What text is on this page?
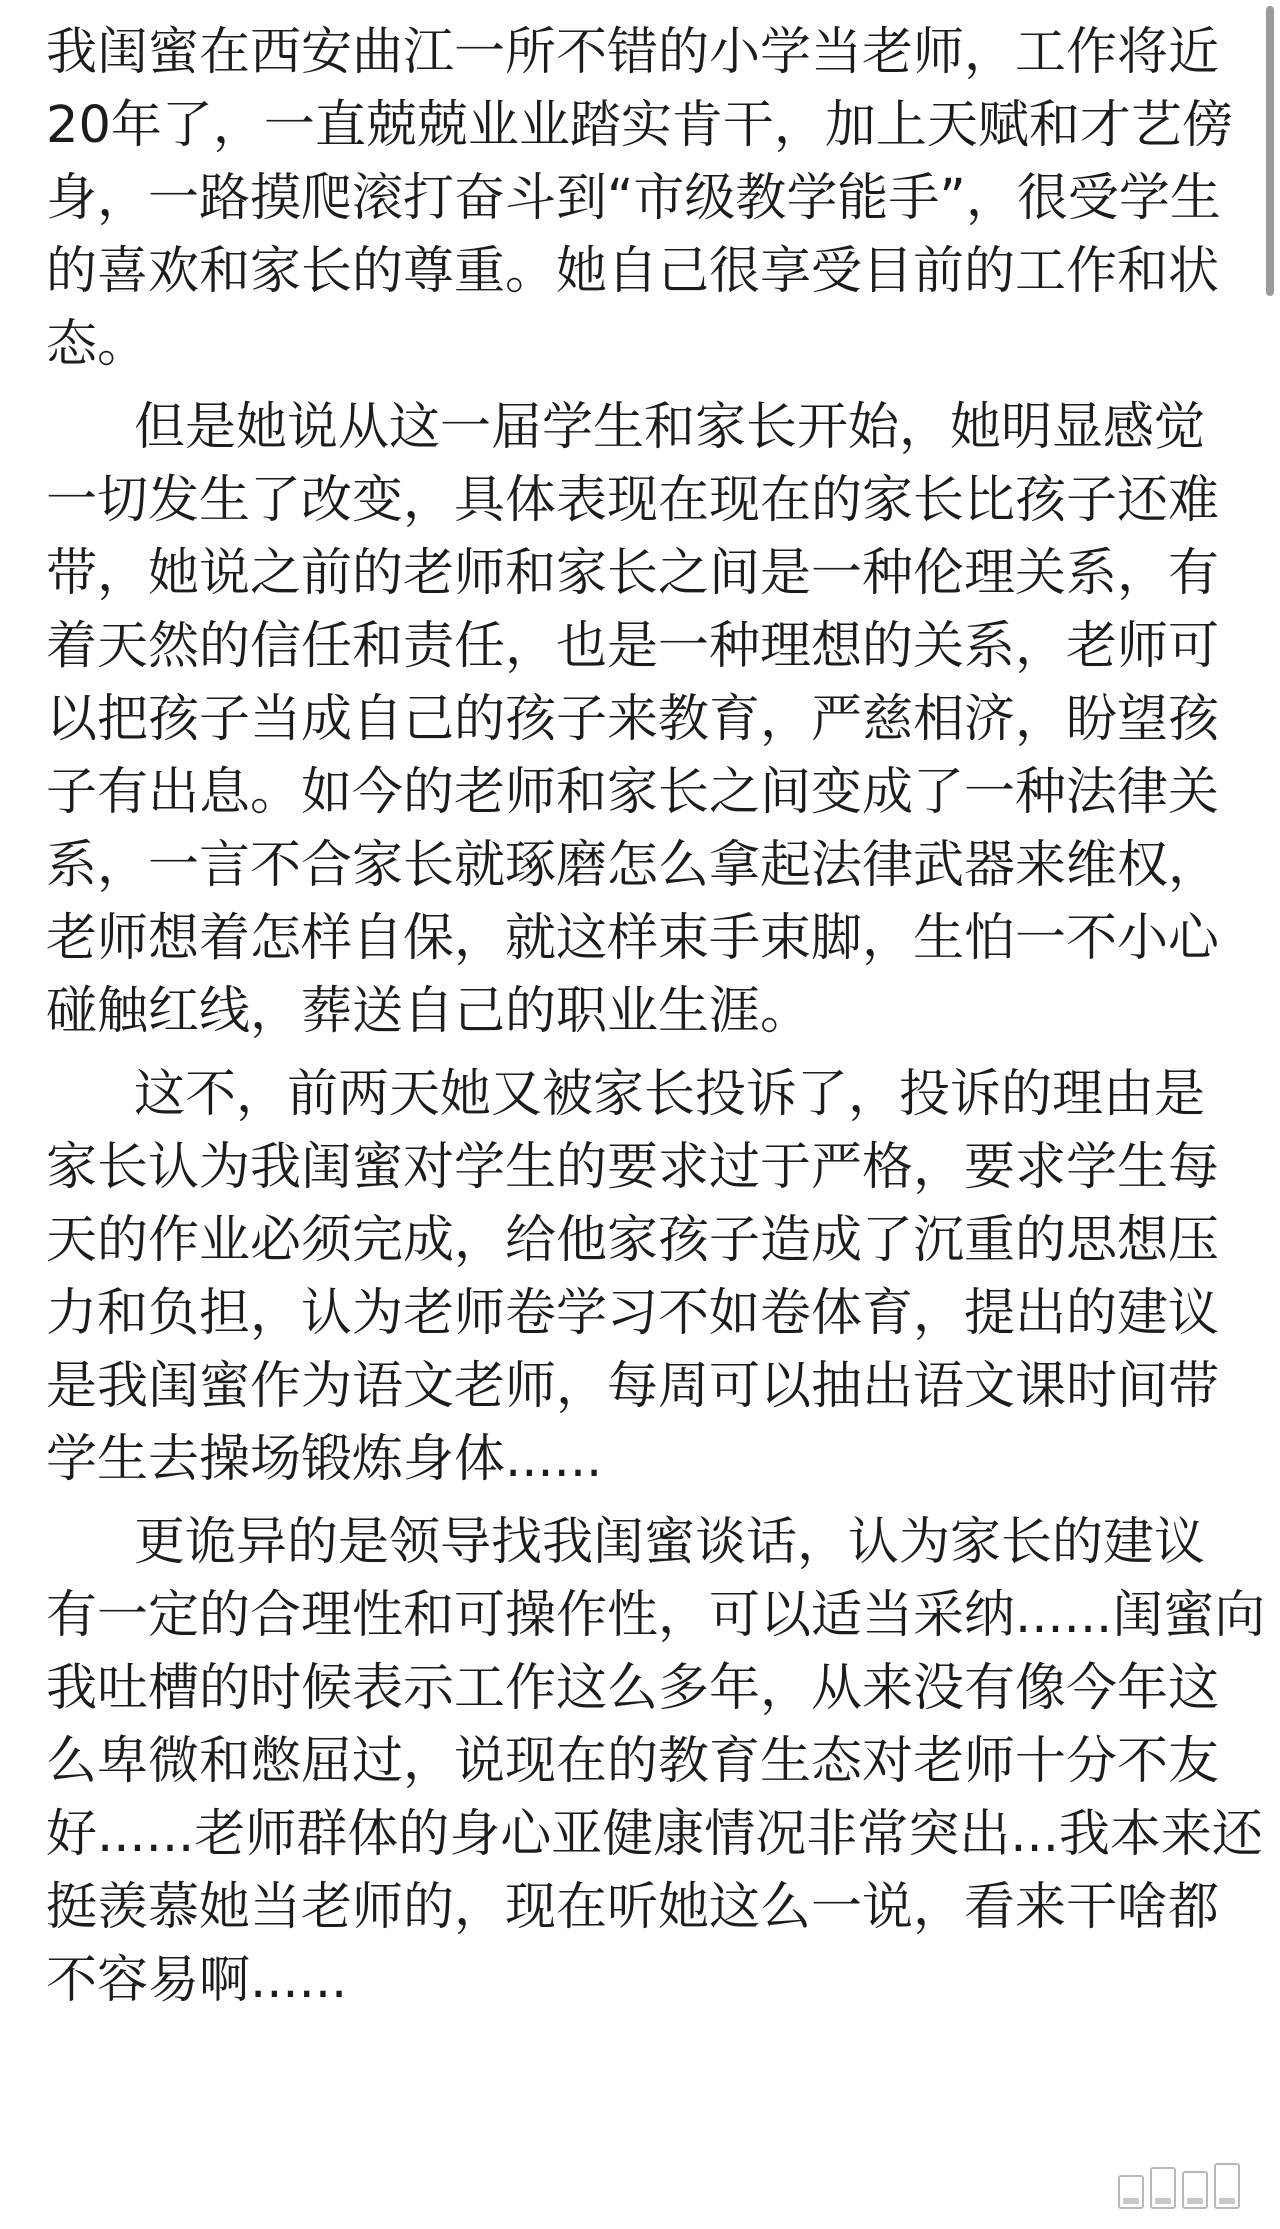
我闺蜜在西安曲江一所不错的小学当老师，工作将近
20年了，一直兢兢业业踏实肯干，加上天赋和才艺傍
身，一路摸爬滚打奋斗到“市级教学能手”，很受学生
的喜欢和家长的尊重。她自己很享受目前的工作和状
态。
但是她说从这一届学生和家长开始，她明显感觉
一切发生了改变，具体表现在现在的家长比孩子还难
带，她说之前的老师和家长之间是一种伦理关系，有
着天然的信任和责任，也是一种理想的关系，老师可
以把孩子当成自己的孩子来教育，严慈相济，盼望孩
子有出息。如今的老师和家长之间变成了一种法律关
系，一言不合家长就琢磨怎么拿起法律武器来维权，
老师想着怎样自保，就这样束手束脚，生怕一不小心
碰触红线，葬送自己的职业生涯。
这不，前两天她又被家长投诉了，投诉的理由是
家长认为我闺蜜对学生的要求过于严格，要求学生每
天的作业必须完成，给他家孩子造成了沉重的思想压
力和负担，认为老师卷学习不如卷体育，提出的建议
是我闺蜜作为语文老师，每周可以抽出语文课时间带
学生去操场锻炼身体......
更诡异的是领导找我闺蜜谈话，认为家长的建议
有一定的合理性和可操作性，可以适当采纳......闺蜜向
我吐槽的时候表示工作这么多年，从来没有像今年这
么卑微和憋屈过，说现在的教育生态对老师十分不友
好......老师群体的身心亚健康情况非常突出...我本来还
挺羡慕她当老师的，现在听她这么一说，看来干啥都
不容易啊......
